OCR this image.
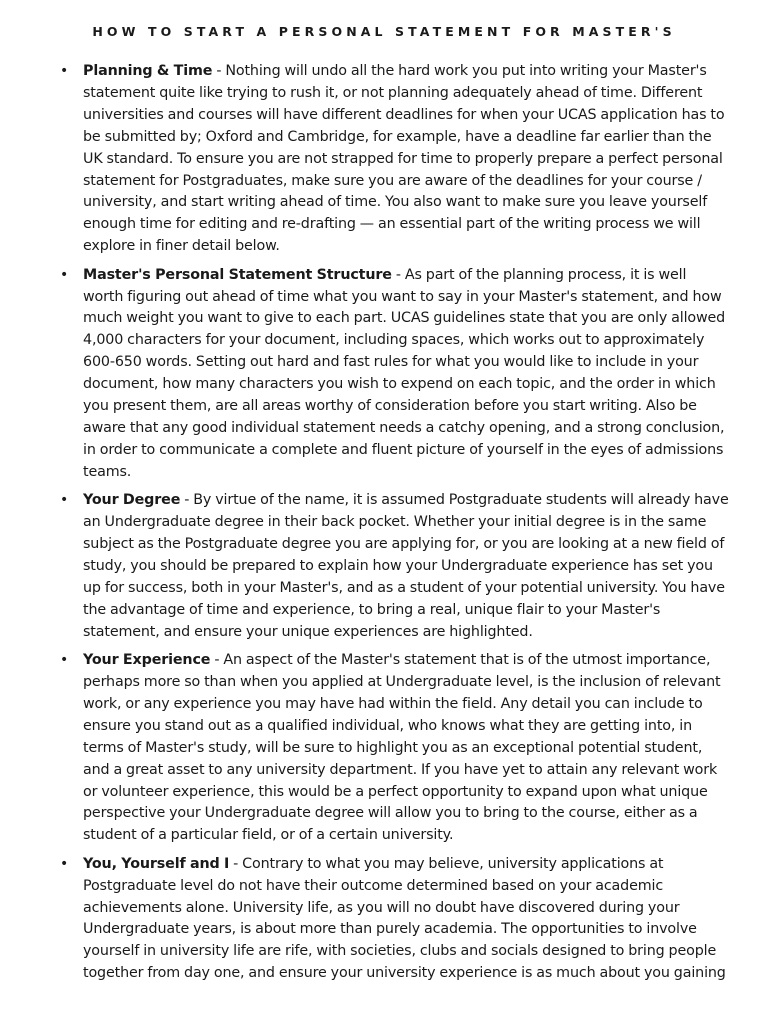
HOW TO START A PERSONAL STATEMENT FOR MASTER'S
• Planning & Time - Nothing will undo all the hard work you put into writing your Master's statement quite like trying to rush it, or not planning adequately ahead of time. Different universities and courses will have different deadlines for when your UCAS application has to be submitted by; Oxford and Cambridge, for example, have a deadline far earlier than the UK standard. To ensure you are not strapped for time to properly prepare a perfect personal statement for Postgraduates, make sure you are aware of the deadlines for your course / university, and start writing ahead of time. You also want to make sure you leave yourself enough time for editing and re-drafting — an essential part of the writing process we will explore in finer detail below.
• Master's Personal Statement Structure - As part of the planning process, it is well worth figuring out ahead of time what you want to say in your Master's statement, and how much weight you want to give to each part. UCAS guidelines state that you are only allowed 4,000 characters for your document, including spaces, which works out to approximately 600-650 words. Setting out hard and fast rules for what you would like to include in your document, how many characters you wish to expend on each topic, and the order in which you present them, are all areas worthy of consideration before you start writing. Also be aware that any good individual statement needs a catchy opening, and a strong conclusion, in order to communicate a complete and fluent picture of yourself in the eyes of admissions teams.
• Your Degree - By virtue of the name, it is assumed Postgraduate students will already have an Undergraduate degree in their back pocket. Whether your initial degree is in the same subject as the Postgraduate degree you are applying for, or you are looking at a new field of study, you should be prepared to explain how your Undergraduate experience has set you up for success, both in your Master's, and as a student of your potential university. You have the advantage of time and experience, to bring a real, unique flair to your Master's statement, and ensure your unique experiences are highlighted.
• Your Experience - An aspect of the Master's statement that is of the utmost importance, perhaps more so than when you applied at Undergraduate level, is the inclusion of relevant work, or any experience you may have had within the field. Any detail you can include to ensure you stand out as a qualified individual, who knows what they are getting into, in terms of Master's study, will be sure to highlight you as an exceptional potential student, and a great asset to any university department. If you have yet to attain any relevant work or volunteer experience, this would be a perfect opportunity to expand upon what unique perspective your Undergraduate degree will allow you to bring to the course, either as a student of a particular field, or of a certain university.
• You, Yourself and I - Contrary to what you may believe, university applications at Postgraduate level do not have their outcome determined based on your academic achievements alone. University life, as you will no doubt have discovered during your Undergraduate years, is about more than purely academia. The opportunities to involve yourself in university life are rife, with societies, clubs and socials designed to bring people together from day one, and ensure your university experience is as much about you gaining
